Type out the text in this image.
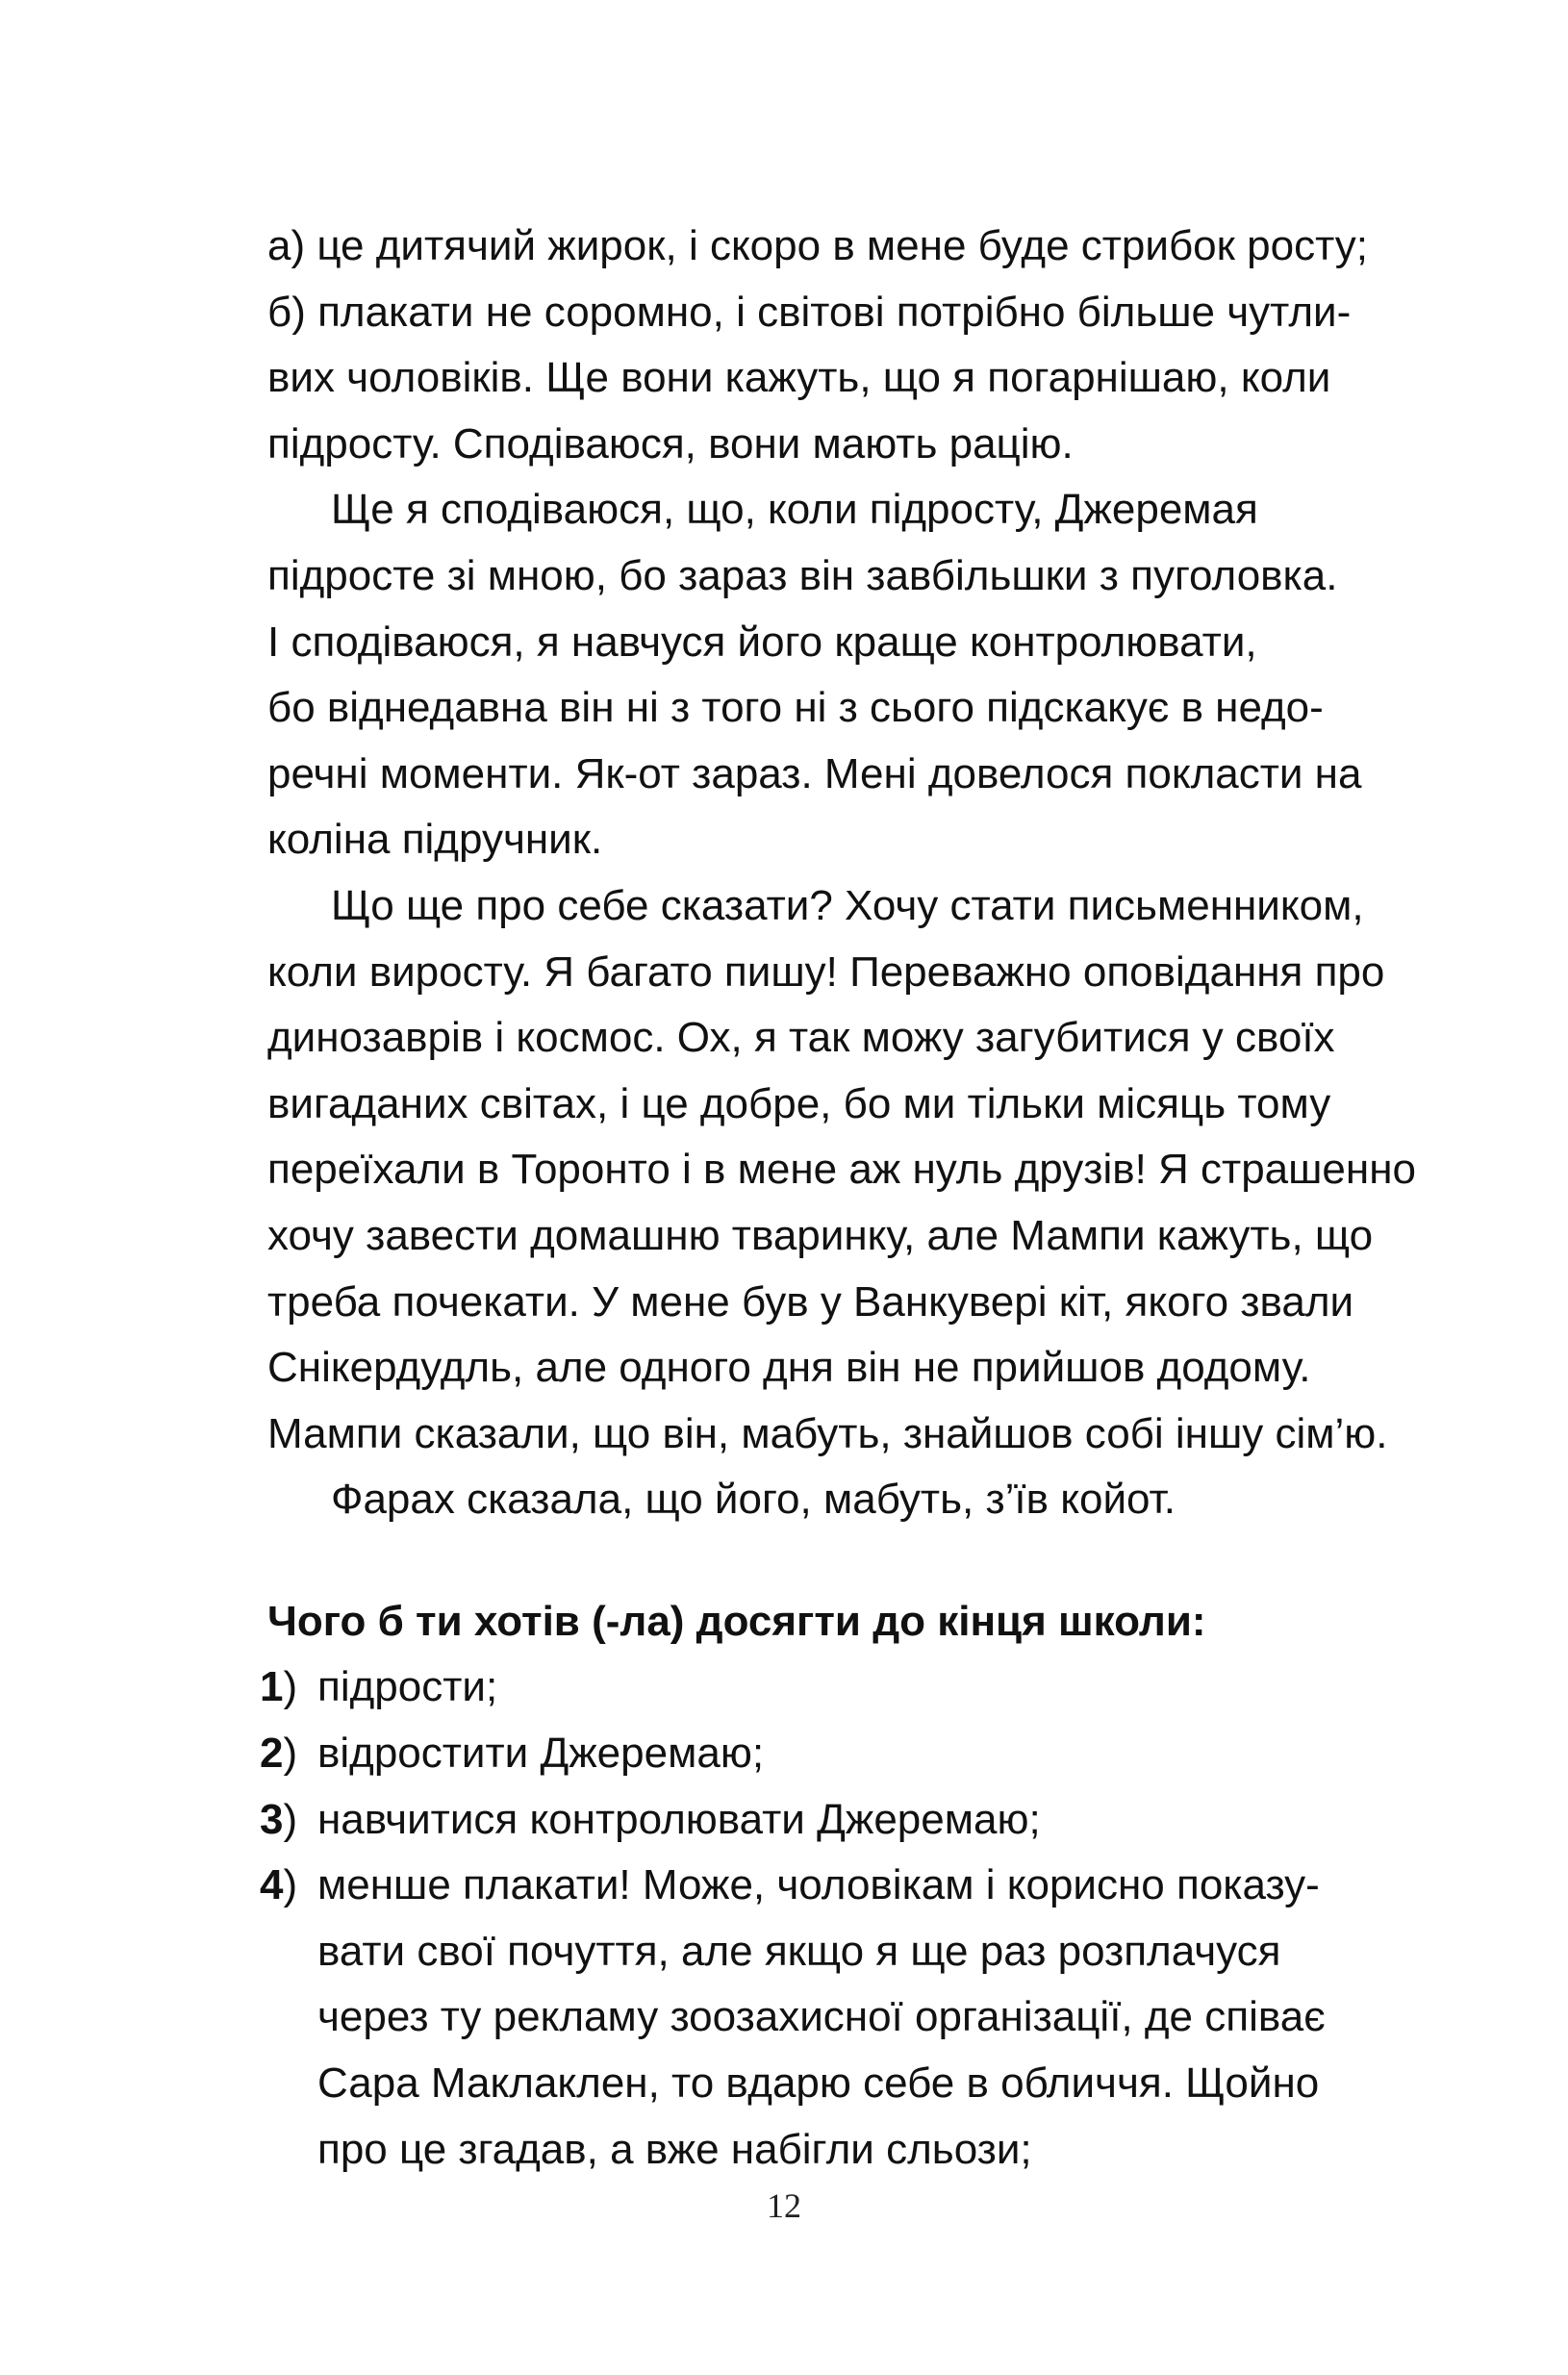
а) це дитячий жирок, і скоро в мене буде стрибок росту;
б) плакати не соромно, і світові потрібно більше чутли-
вих чоловіків. Ще вони кажуть, що я погарнішаю, коли
підросту. Сподіваюся, вони мають рацію.
Ще я сподіваюся, що, коли підросту, Джеремая
підросте зі мною, бо зараз він завбільшки з пуголовка.
І сподіваюся, я навчуся його краще контролювати,
бо віднедавна він ні з того ні з сього підскакує в недо-
речні моменти. Як-от зараз. Мені довелося покласти на
коліна підручник.
Що ще про себе сказати? Хочу стати письменником,
коли виросту. Я багато пишу! Переважно оповідання про
динозаврів і космос. Ох, я так можу загубитися у своїх
вигаданих світах, і це добре, бо ми тільки місяць тому
переїхали в Торонто і в мене аж нуль друзів! Я страшенно
хочу завести домашню тваринку, але Мампи кажуть, що
треба почекати. У мене був у Ванкувері кіт, якого звали
Снікердудль, але одного дня він не прийшов додому.
Мампи сказали, що він, мабуть, знайшов собі іншу сім’ю.
Фарах сказала, що його, мабуть, з’їв койот.
Чого б ти хотів (-ла) досягти до кінця школи:
1) підрости;
2) відростити Джеремаю;
3) навчитися контролювати Джеремаю;
4) менше плакати! Може, чоловікам і корисно показу-
вати свої почуття, але якщо я ще раз розплачуся
через ту рекламу зоозахисної організації, де співає
Сара Маклаклен, то вдарю себе в обличчя. Щойно
про це згадав, а вже набігли сльози;
12
